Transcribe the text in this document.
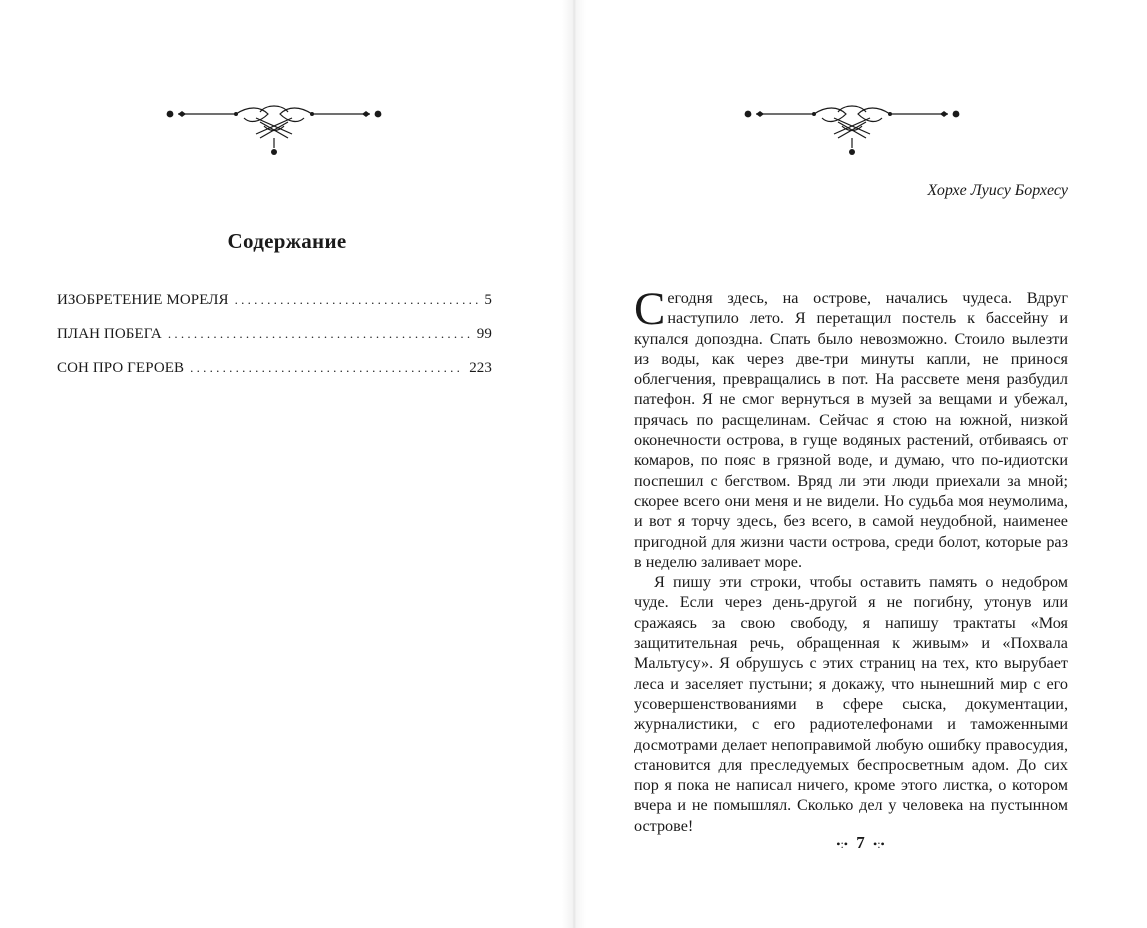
Содержание
ИЗОБРЕТЕНИЕ МОРЕЛЯ . . .	5
ПЛАН ПОБЕГА . . .	99
СОН ПРО ГЕРОЕВ . . .	223
Хорхе Луису Борхесу

Сегодня здесь, на острове, начались чудеса. Вдруг наступило лето. Я перетащил постель к бассейну и купался допоздна. Спать было невозможно. Стоило вылезти из воды, как через две-три минуты капли, не принося облегчения, превращались в пот. На рассвете меня разбудил патефон. Я не смог вернуться в музей за вещами и убежал, прячась по расщелинам. Сейчас я стою на южной, низкой оконечности острова, в гуще водяных растений, отбиваясь от комаров, по пояс в грязной воде, и думаю, что по-идиотски поспешил с бегством. Вряд ли эти люди приехали за мной; скорее всего они меня и не видели. Но судьба моя неумолима, и вот я торчу здесь, без всего, в самой неудобной, наименее пригодной для жизни части острова, среди болот, которые раз в неделю заливает море.

Я пишу эти строки, чтобы оставить память о недобром чуде. Если через день-другой я не погибну, утонув или сражаясь за свою свободу, я напишу трактаты «Моя защитительная речь, обращенная к живым» и «Похвала Мальтусу». Я обрушусь с этих страниц на тех, кто вырубает леса и заселяет пустыни; я докажу, что нынешний мир с его усовершенствованиями в сфере сыска, документации, журналистики, с его радиотелефонами и таможенными досмотрами делает непоправимой любую ошибку правосудия, становится для преследуемых беспросветным адом. До сих пор я пока не написал ничего, кроме этого листка, о котором вчера и не помышлял. Сколько дел у человека на пустынном острове!

•:• 7 •:•
